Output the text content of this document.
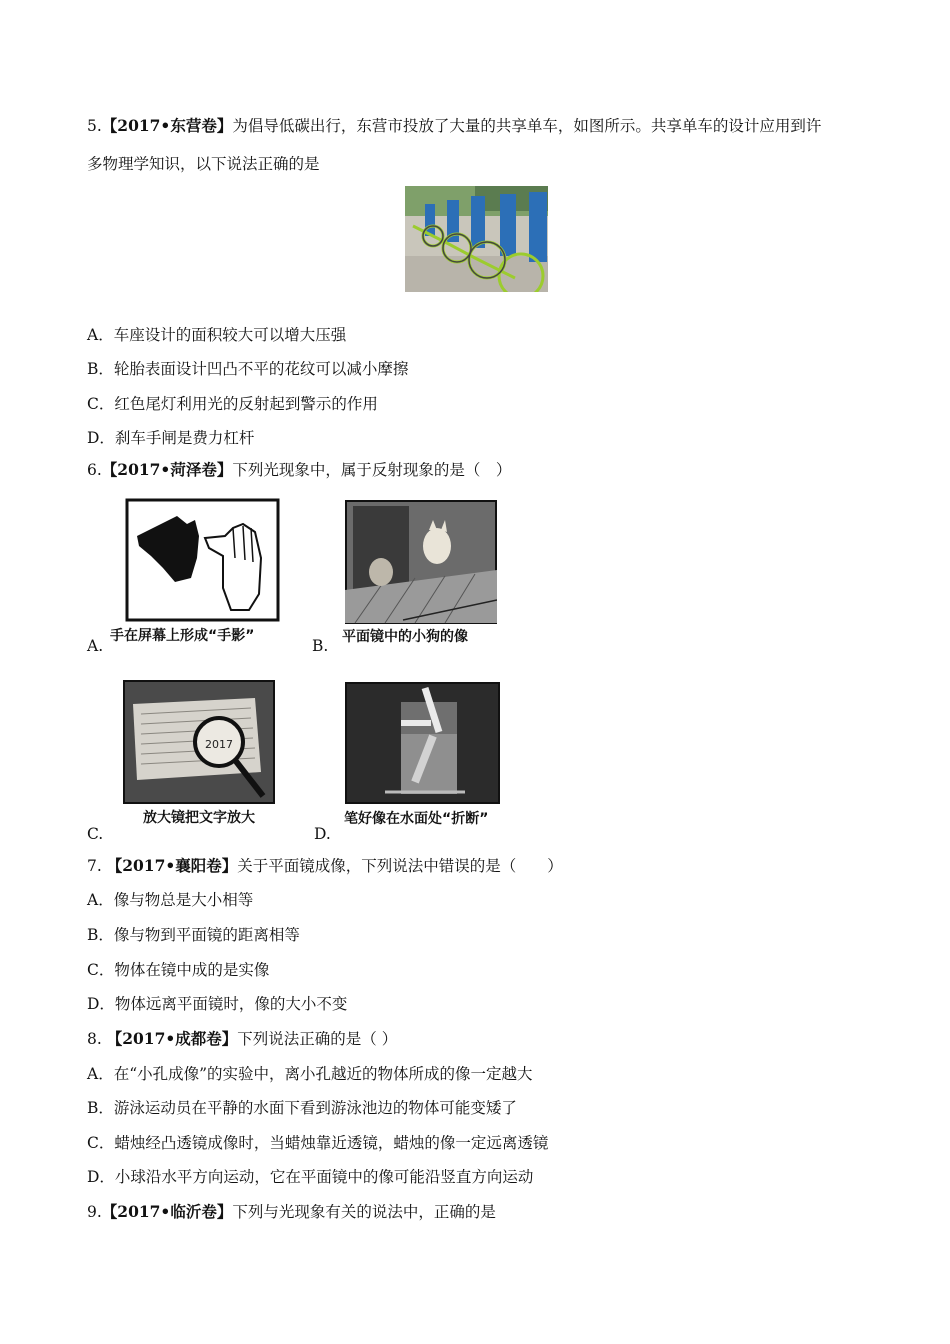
5.【2017•东营卷】为倡导低碳出行，东营市投放了大量的共享单车，如图所示。共享单车的设计应用到许
多物理学知识，以下说法正确的是
A．车座设计的面积较大可以增大压强
B．轮胎表面设计凹凸不平的花纹可以减小摩擦
C．红色尾灯利用光的反射起到警示的作用
D．刹车手闸是费力杠杆
6.【2017•菏泽卷】下列光现象中，属于反射现象的是（　）
A.
手在屏幕上形成“手影”
B. 平面镜中的小狗的像
2017
C.
放大镜把文字放大
D.
笔好像在水面处“折断”
7. 【2017•襄阳卷】关于平面镜成像，下列说法中错误的是（　　）
A．像与物总是大小相等
B．像与物到平面镜的距离相等
C．物体在镜中成的是实像
D．物体远离平面镜时，像的大小不变
8. 【2017•成都卷】下列说法正确的是（ ）
A．在“小孔成像”的实验中，离小孔越近的物体所成的像一定越大
B．游泳运动员在平静的水面下看到游泳池边的物体可能变矮了
C．蜡烛经凸透镜成像时，当蜡烛靠近透镜，蜡烛的像一定远离透镜
D．小球沿水平方向运动，它在平面镜中的像可能沿竖直方向运动
9.【2017•临沂卷】下列与光现象有关的说法中，正确的是
